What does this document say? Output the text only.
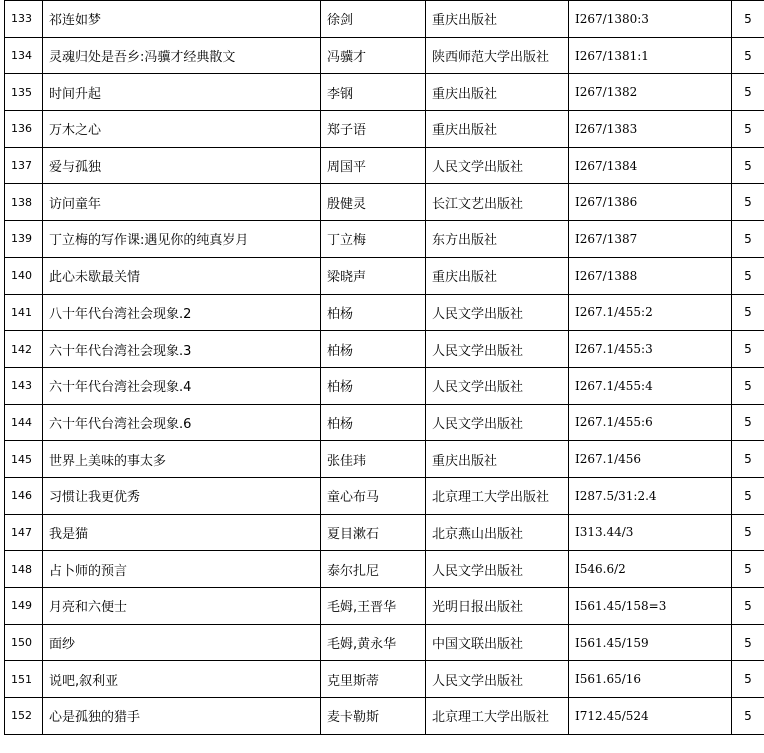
133	祁连如梦	徐剑	重庆出版社	I267/1380:3	5
134	灵魂归处是吾乡:冯骥才经典散文	冯骥才	陕西师范大学出版社	I267/1381:1	5
135	时间升起	李钢	重庆出版社	I267/1382	5
136	万木之心	郑子语	重庆出版社	I267/1383	5
137	爱与孤独	周国平	人民文学出版社	I267/1384	5
138	访问童年	殷健灵	长江文艺出版社	I267/1386	5
139	丁立梅的写作课:遇见你的纯真岁月	丁立梅	东方出版社	I267/1387	5
140	此心未歇最关情	梁晓声	重庆出版社	I267/1388	5
141	八十年代台湾社会现象.2	柏杨	人民文学出版社	I267.1/455:2	5
142	六十年代台湾社会现象.3	柏杨	人民文学出版社	I267.1/455:3	5
143	六十年代台湾社会现象.4	柏杨	人民文学出版社	I267.1/455:4	5
144	六十年代台湾社会现象.6	柏杨	人民文学出版社	I267.1/455:6	5
145	世界上美味的事太多	张佳玮	重庆出版社	I267.1/456	5
146	习惯让我更优秀	童心布马	北京理工大学出版社	I287.5/31:2.4	5
147	我是猫	夏目漱石	北京燕山出版社	I313.44/3	5
148	占卜师的预言	泰尔扎尼	人民文学出版社	I546.6/2	5
149	月亮和六便士	毛姆,王晋华	光明日报出版社	I561.45/158=3	5
150	面纱	毛姆,黄永华	中国文联出版社	I561.45/159	5
151	说吧,叙利亚	克里斯蒂	人民文学出版社	I561.65/16	5
152	心是孤独的猎手	麦卡勒斯	北京理工大学出版社	I712.45/524	5
